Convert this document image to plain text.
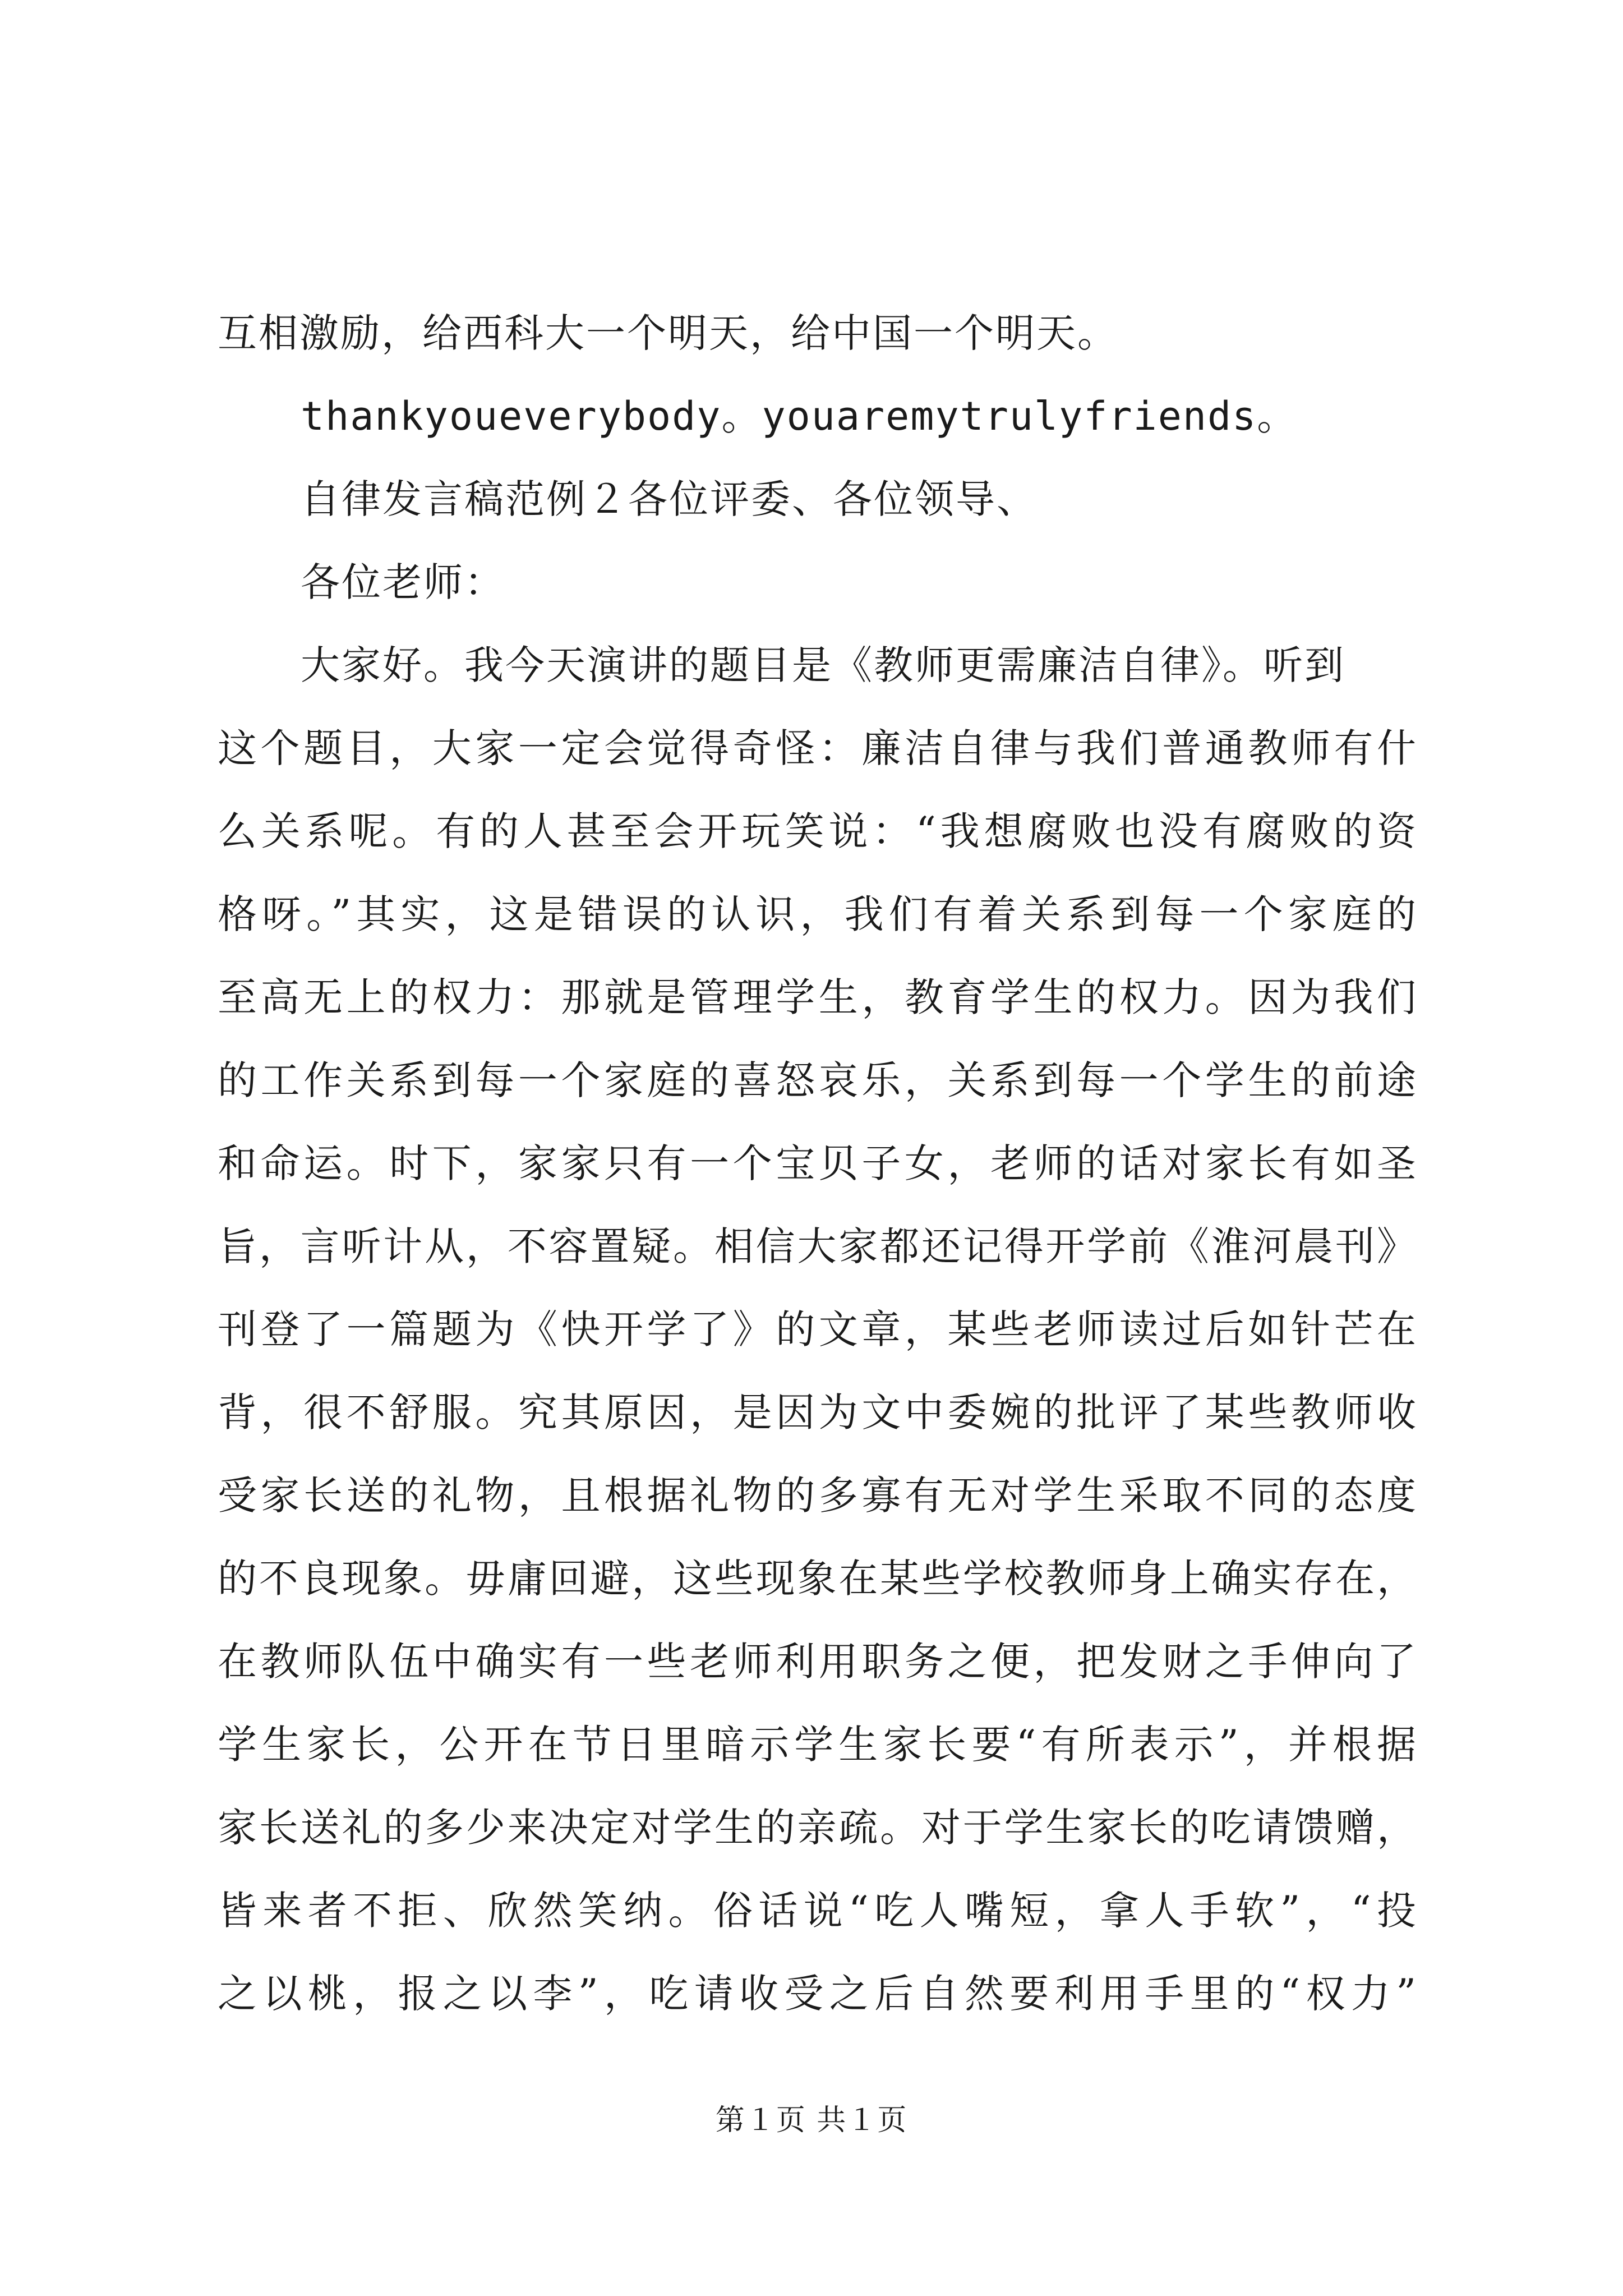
互相激励，给西科大一个明天，给中国一个明天。
thankyoueverybody。youaremytrulyfriends。
自律发言稿范例２各位评委、各位领导、
各位老师：
大家好。我今天演讲的题目是《教师更需廉洁自律》。听到
这个题目，大家一定会觉得奇怪：廉洁自律与我们普通教师有什
么关系呢。有的人甚至会开玩笑说：“我想腐败也没有腐败的资
格呀。”其实，这是错误的认识，我们有着关系到每一个家庭的
至高无上的权力：那就是管理学生，教育学生的权力。因为我们
的工作关系到每一个家庭的喜怒哀乐，关系到每一个学生的前途
和命运。时下，家家只有一个宝贝子女，老师的话对家长有如圣
旨，言听计从，不容置疑。相信大家都还记得开学前《淮河晨刊》
刊登了一篇题为《快开学了》的文章，某些老师读过后如针芒在
背，很不舒服。究其原因，是因为文中委婉的批评了某些教师收
受家长送的礼物，且根据礼物的多寡有无对学生采取不同的态度
的不良现象。毋庸回避，这些现象在某些学校教师身上确实存在，
在教师队伍中确实有一些老师利用职务之便，把发财之手伸向了
学生家长，公开在节日里暗示学生家长要“有所表示”，并根据
家长送礼的多少来决定对学生的亲疏。对于学生家长的吃请馈赠，
皆来者不拒、欣然笑纳。俗话说“吃人嘴短，拿人手软”，“投
之以桃，报之以李”，吃请收受之后自然要利用手里的“权力”
第１页 共１页
